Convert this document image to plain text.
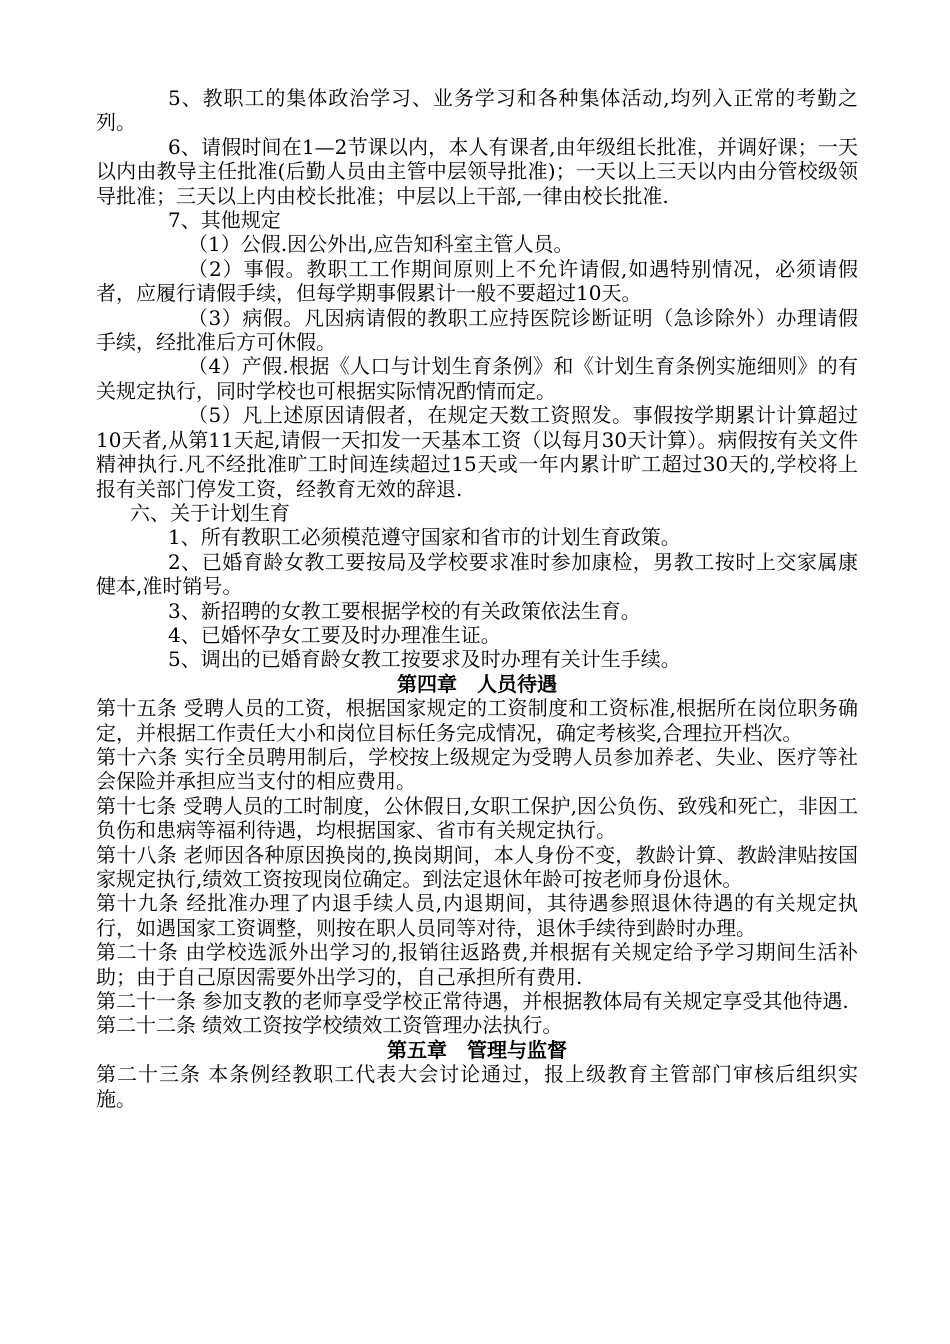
5、教职工的集体政治学习、业务学习和各种集体活动,均列入正常的考勤之列。

6、请假时间在1—2节课以内，本人有课者,由年级组长批准，并调好课；一天以内由教导主任批准(后勤人员由主管中层领导批准)；一天以上三天以内由分管校级领导批准；三天以上内由校长批准；中层以上干部,一律由校长批准.

7、其他规定

（1）公假.因公外出,应告知科室主管人员。

（2）事假。教职工工作期间原则上不允许请假,如遇特别情况，必须请假者，应履行请假手续，但每学期事假累计一般不要超过10天。

（3）病假。凡因病请假的教职工应持医院诊断证明（急诊除外）办理请假手续，经批准后方可休假。

（4）产假.根据《人口与计划生育条例》和《计划生育条例实施细则》的有关规定执行，同时学校也可根据实际情况酌情而定。

（5）凡上述原因请假者，在规定天数工资照发。事假按学期累计计算超过10天者,从第11天起,请假一天扣发一天基本工资（以每月30天计算）。病假按有关文件精神执行.凡不经批准旷工时间连续超过15天或一年内累计旷工超过30天的,学校将上报有关部门停发工资，经教育无效的辞退.

六、关于计划生育

1、所有教职工必须模范遵守国家和省市的计划生育政策。

2、已婚育龄女教工要按局及学校要求准时参加康检，男教工按时上交家属康健本,准时销号。

3、新招聘的女教工要根据学校的有关政策依法生育。

4、已婚怀孕女工要及时办理准生证。

5、调出的已婚育龄女教工按要求及时办理有关计生手续。

第四章　人员待遇

第十五条 受聘人员的工资，根据国家规定的工资制度和工资标准,根据所在岗位职务确定，并根据工作责任大小和岗位目标任务完成情况，确定考核奖,合理拉开档次。

第十六条 实行全员聘用制后，学校按上级规定为受聘人员参加养老、失业、医疗等社会保险并承担应当支付的相应费用。

第十七条 受聘人员的工时制度，公休假日,女职工保护,因公负伤、致残和死亡，非因工负伤和患病等福利待遇，均根据国家、省市有关规定执行。

第十八条 老师因各种原因换岗的,换岗期间，本人身份不变，教龄计算、教龄津贴按国家规定执行,绩效工资按现岗位确定。到法定退休年龄可按老师身份退休。

第十九条 经批准办理了内退手续人员,内退期间，其待遇参照退休待遇的有关规定执行，如遇国家工资调整，则按在职人员同等对待，退休手续待到龄时办理。

第二十条 由学校选派外出学习的,报销往返路费,并根据有关规定给予学习期间生活补助；由于自己原因需要外出学习的，自己承担所有费用.

第二十一条 参加支教的老师享受学校正常待遇，并根据教体局有关规定享受其他待遇.

第二十二条 绩效工资按学校绩效工资管理办法执行。

第五章　管理与监督

第二十三条 本条例经教职工代表大会讨论通过，报上级教育主管部门审核后组织实施。
